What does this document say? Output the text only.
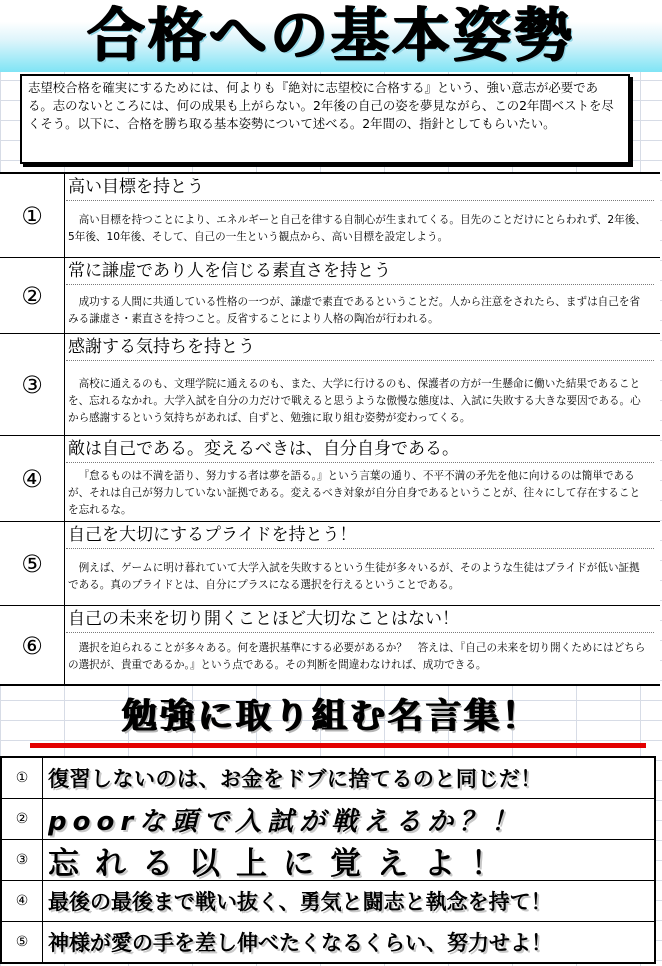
合格への基本姿勢
志望校合格を確実にするためには、何よりも『絶対に志望校に合格する』という、強い意志が必要である。志のないところには、何の成果も上がらない。2年後の自己の姿を夢見ながら、この2年間ベストを尽くそう。以下に、合格を勝ち取る基本姿勢について述べる。2年間の、指針としてもらいたい。
①
高い目標を持とう
高い目標を持つことにより、エネルギーと自己を律する自制心が生まれてくる。目先のことだけにとらわれず、2年後、5年後、10年後、そして、自己の一生という観点から、高い目標を設定しよう。
②
常に謙虚であり人を信じる素直さを持とう
成功する人間に共通している性格の一つが、謙虚で素直であるということだ。人から注意をされたら、まずは自己を省みる謙虚さ・素直さを持つこと。反省することにより人格の陶冶が行われる。
③
感謝する気持ちを持とう
高校に通えるのも、文理学院に通えるのも、また、大学に行けるのも、保護者の方が一生懸命に働いた結果であることを、忘れるなかれ。大学入試を自分の力だけで戦えると思うような傲慢な態度は、入試に失敗する大きな要因である。心から感謝するという気持ちがあれば、自ずと、勉強に取り組む姿勢が変わってくる。
④
敵は自己である。変えるべきは、自分自身である。
『怠るものは不満を語り、努力する者は夢を語る。』という言葉の通り、不平不満の矛先を他に向けるのは簡単であるが、それは自己が努力していない証拠である。変えるべき対象が自分自身であるということが、往々にして存在することを忘れるな。
⑤
自己を大切にするプライドを持とう！
例えば、ゲームに明け暮れていて大学入試を失敗するという生徒が多々いるが、そのような生徒はプライドが低い証拠である。真のプライドとは、自分にプラスになる選択を行えるということである。
⑥
自己の未来を切り開くことほど大切なことはない！
選択を迫られることが多々ある。何を選択基準にする必要があるか？　答えは、『自己の未来を切り開くためにはどちらの選択が、貴重であるか。』という点である。その判断を間違わなければ、成功できる。
勉強に取り組む名言集！
① 復習しないのは、お金をドブに捨てるのと同じだ！
② poorな頭で入試が戦えるか？！
③ 忘れる以上に覚えよ！
④ 最後の最後まで戦い抜く、勇気と闘志と執念を持て！
⑤ 神様が愛の手を差し伸べたくなるくらい、努力せよ！
